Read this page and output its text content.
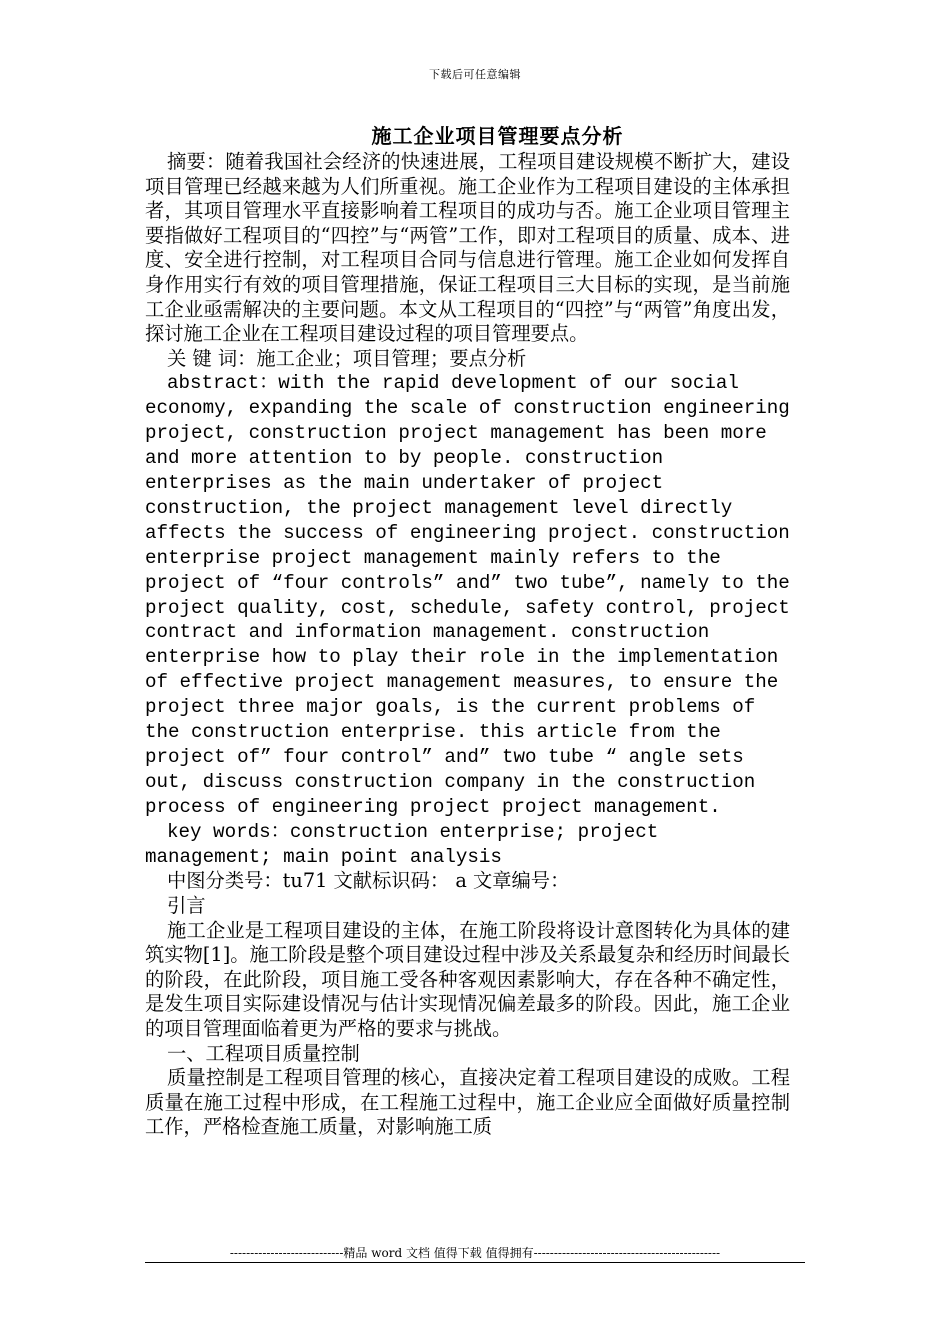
下载后可任意编辑
施工企业项目管理要点分析

摘要：随着我国社会经济的快速进展，工程项目建设规模不断扩大，建设项目管理已经越来越为人们所重视。施工企业作为工程项目建设的主体承担者，其项目管理水平直接影响着工程项目的成功与否。施工企业项目管理主要指做好工程项目的“四控”与“两管”工作，即对工程项目的质量、成本、进度、安全进行控制，对工程项目合同与信息进行管理。施工企业如何发挥自身作用实行有效的项目管理措施，保证工程项目三大目标的实现，是当前施工企业亟需解决的主要问题。本文从工程项目的“四控”与“两管”角度出发，探讨施工企业在工程项目建设过程的项目管理要点。

关 键 词：施工企业；项目管理；要点分析

abstract：with the rapid development of our social economy, expanding the scale of construction engineering project, construction project management has been more and more attention to by people. construction enterprises as the main undertaker of project construction, the project management level directly affects the success of engineering project. construction enterprise project management mainly refers to the project of “four controls” and” two tube”, namely to the project quality, cost, schedule, safety control, project contract and information management. construction enterprise how to play their role in the implementation of effective project management measures, to ensure the project three major goals, is the current problems of the construction enterprise. this article from the project of” four control” and” two tube “ angle sets out, discuss construction company in the construction process of engineering project project management.

key words：construction enterprise; project management; main point analysis

中图分类号：tu71 文献标识码： a 文章编号：

引言

施工企业是工程项目建设的主体，在施工阶段将设计意图转化为具体的建筑实物[1]。施工阶段是整个项目建设过程中涉及关系最复杂和经历时间最长的阶段，在此阶段，项目施工受各种客观因素影响大，存在各种不确定性，是发生项目实际建设情况与估计实现情况偏差最多的阶段。因此，施工企业的项目管理面临着更为严格的要求与挑战。

一、工程项目质量控制

质量控制是工程项目管理的核心，直接决定着工程项目建设的成败。工程质量在施工过程中形成，在工程施工过程中，施工企业应全面做好质量控制工作，严格检查施工质量，对影响施工质

----------------------------精品 word 文档 值得下载 值得拥有----------------------------------------------
